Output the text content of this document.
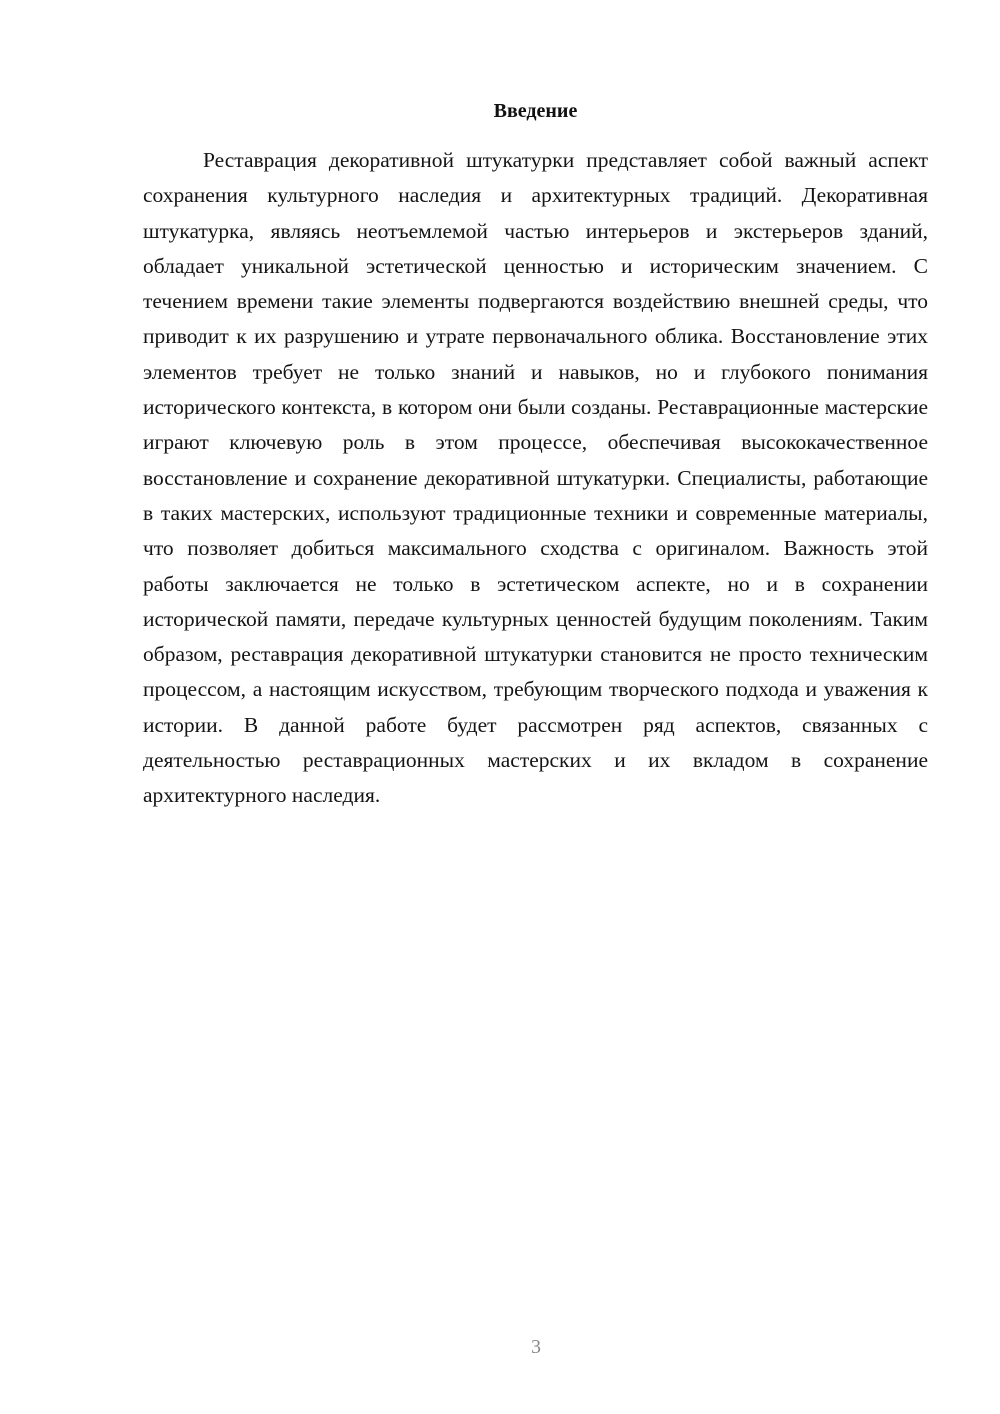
Введение

Реставрация декоративной штукатурки представляет собой важный аспект сохранения культурного наследия и архитектурных традиций. Декоративная штукатурка, являясь неотъемлемой частью интерьеров и экстерьеров зданий, обладает уникальной эстетической ценностью и историческим значением. С течением времени такие элементы подвергаются воздействию внешней среды, что приводит к их разрушению и утрате первоначального облика. Восстановление этих элементов требует не только знаний и навыков, но и глубокого понимания исторического контекста, в котором они были созданы. Реставрационные мастерские играют ключевую роль в этом процессе, обеспечивая высококачественное восстановление и сохранение декоративной штукатурки. Специалисты, работающие в таких мастерских, используют традиционные техники и современные материалы, что позволяет добиться максимального сходства с оригиналом. Важность этой работы заключается не только в эстетическом аспекте, но и в сохранении исторической памяти, передаче культурных ценностей будущим поколениям. Таким образом, реставрация декоративной штукатурки становится не просто техническим процессом, а настоящим искусством, требующим творческого подхода и уважения к истории. В данной работе будет рассмотрен ряд аспектов, связанных с деятельностью реставрационных мастерских и их вкладом в сохранение архитектурного наследия.

3
